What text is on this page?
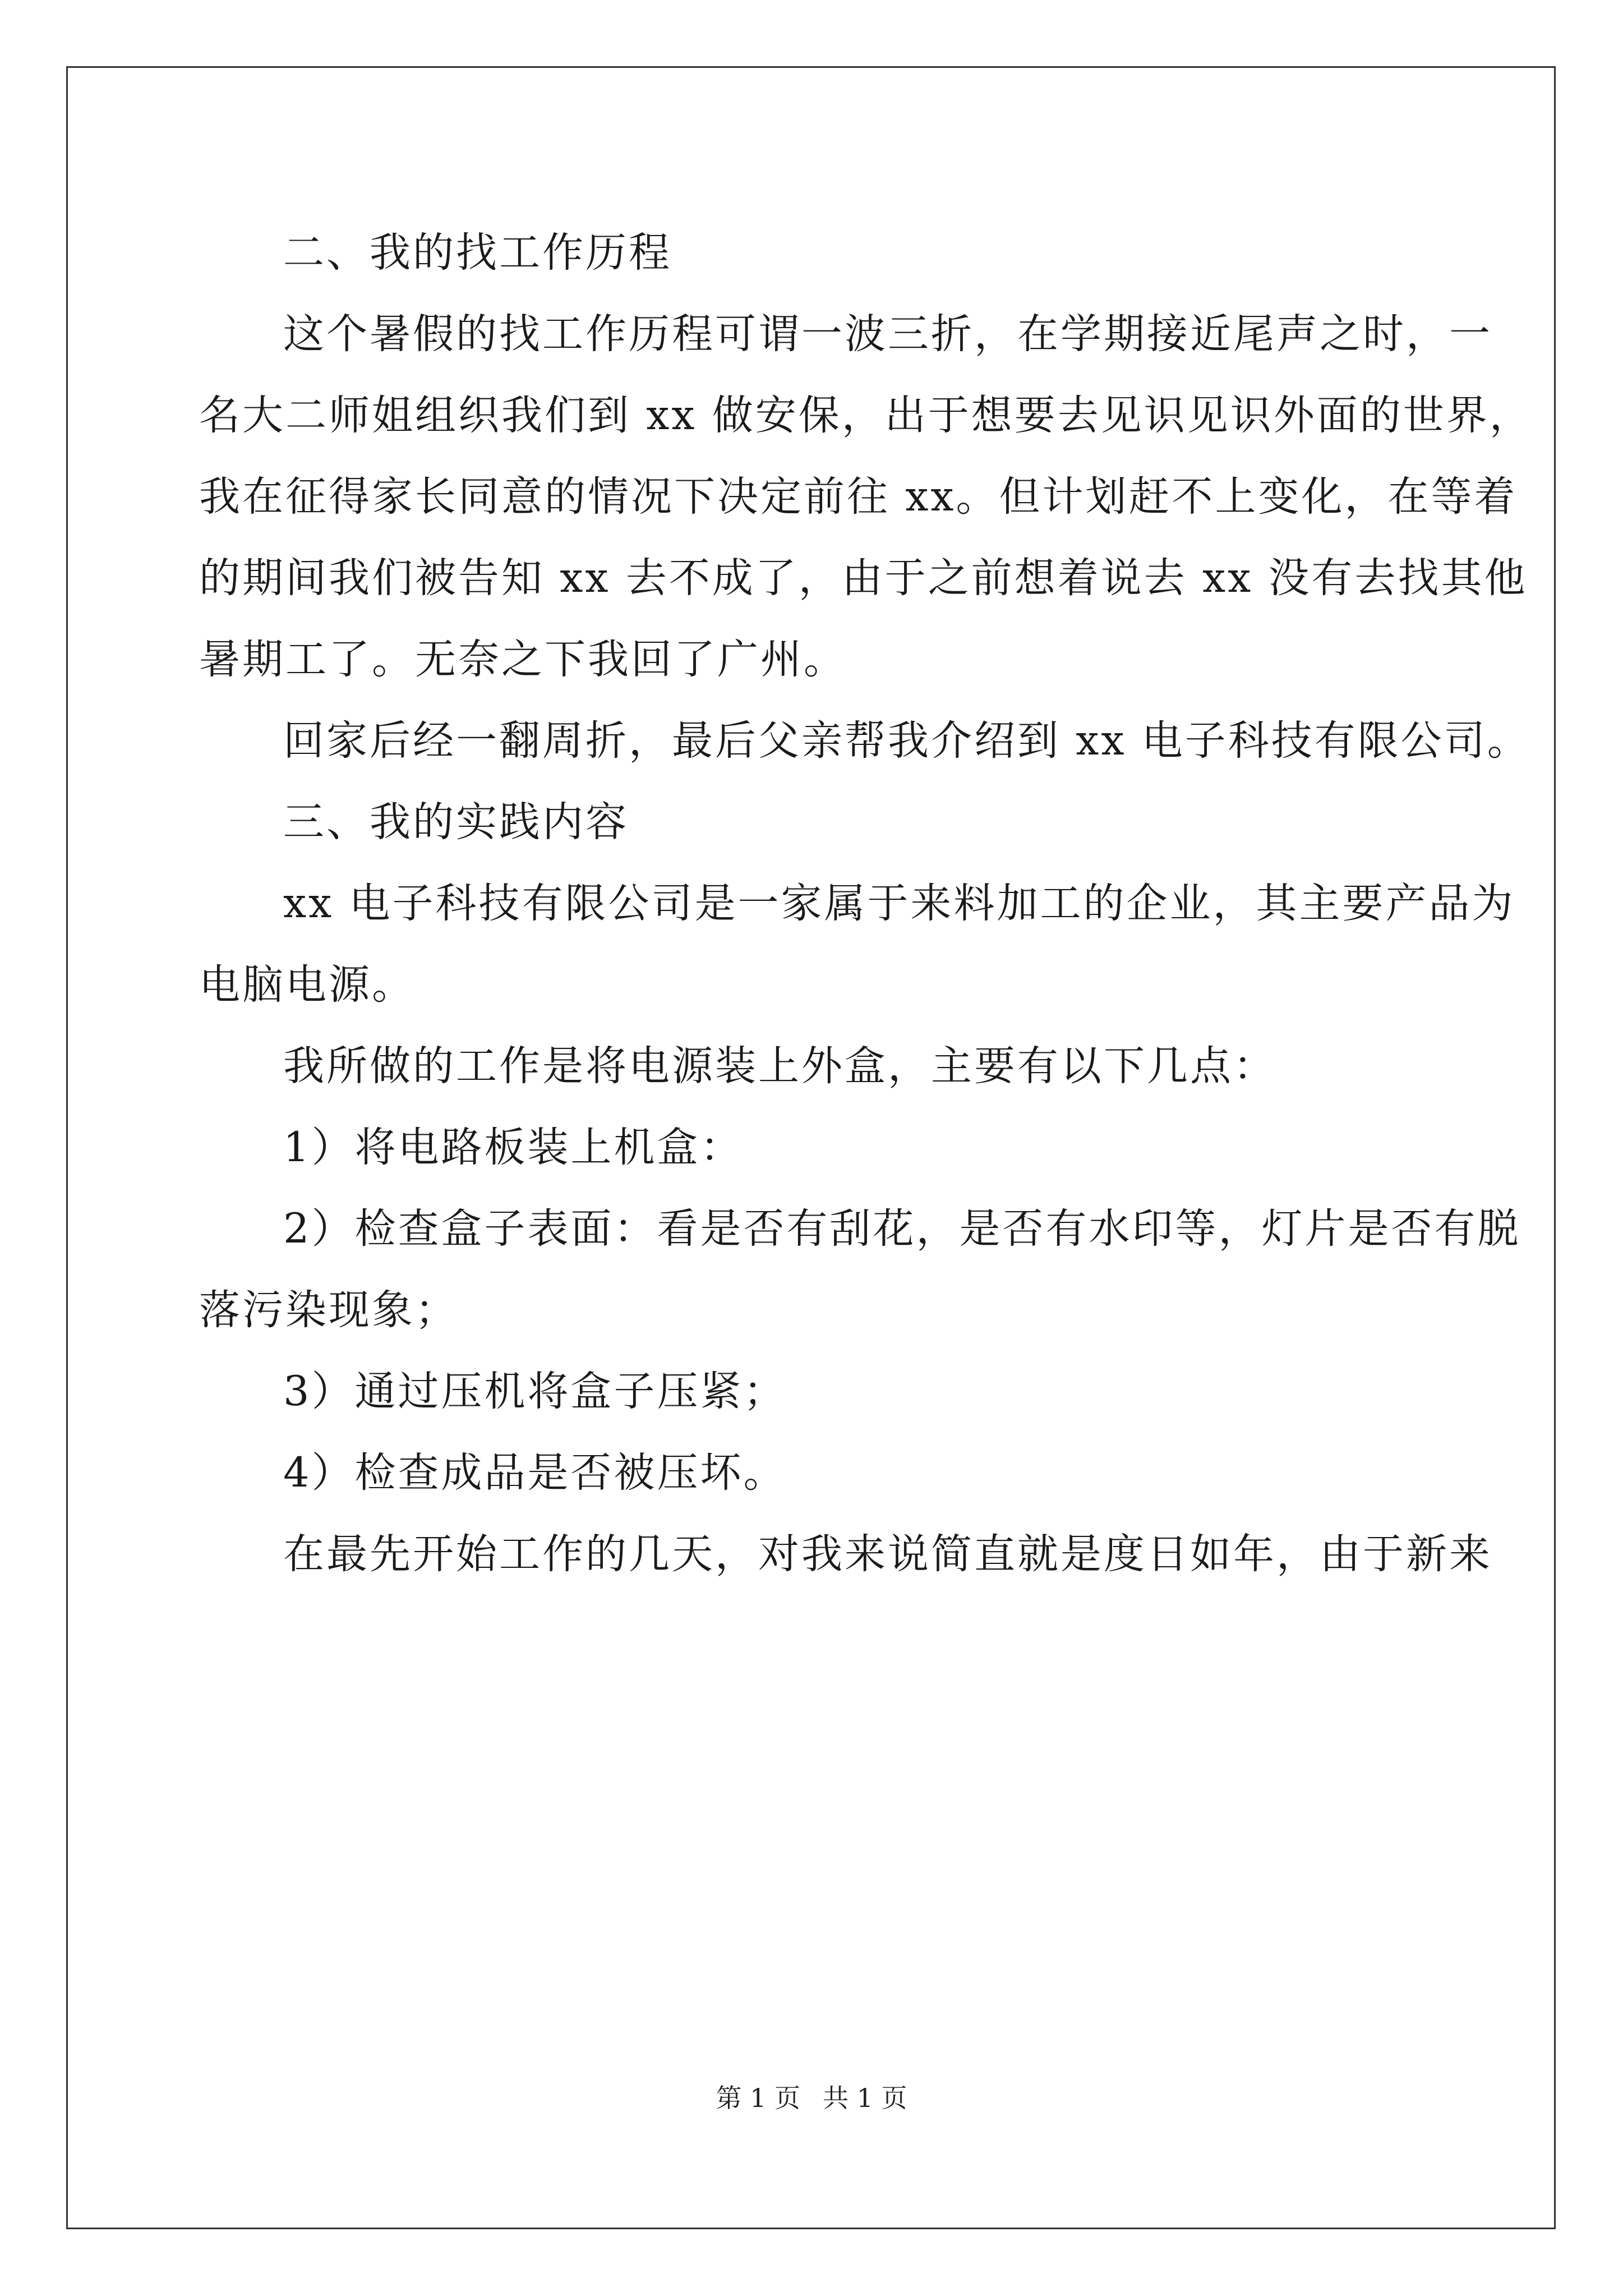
二、我的找工作历程

这个暑假的找工作历程可谓一波三折，在学期接近尾声之时，一

名大二师姐组织我们到 xx 做安保，出于想要去见识见识外面的世界，

我在征得家长同意的情况下决定前往 xx。但计划赶不上变化，在等着

的期间我们被告知 xx 去不成了，由于之前想着说去 xx 没有去找其他

暑期工了。无奈之下我回了广州。

回家后经一翻周折，最后父亲帮我介绍到 xx 电子科技有限公司。

三、我的实践内容

xx 电子科技有限公司是一家属于来料加工的企业，其主要产品为

电脑电源。

我所做的工作是将电源装上外盒，主要有以下几点：

1）将电路板装上机盒：

2）检查盒子表面：看是否有刮花，是否有水印等，灯片是否有脱

落污染现象；

3）通过压机将盒子压紧；

4）检查成品是否被压坏。

在最先开始工作的几天，对我来说简直就是度日如年，由于新来

第 1 页 共 1 页
